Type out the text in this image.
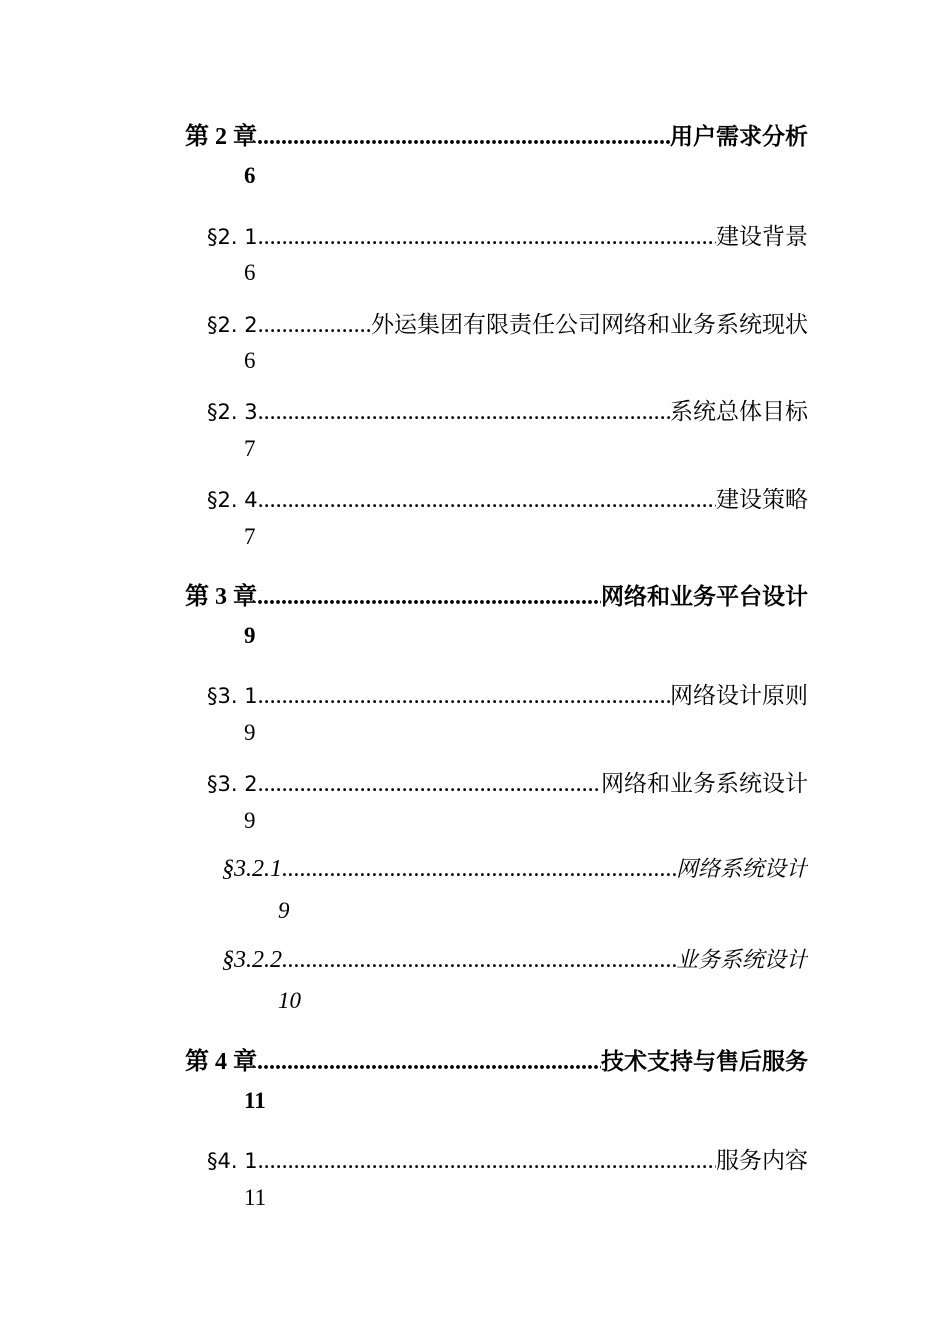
第 2 章 .....	用户需求分析
6
§2. 1 .....	建设背景
6
§2. 2 .....	外运集团有限责任公司网络和业务系统现状
6
§2. 3 .....	系统总体目标
7
§2. 4 .....	建设策略
7
第 3 章 .....	网络和业务平台设计
9
§3. 1 .....	网络设计原则
9
§3. 2 .....	网络和业务系统设计
9
§3.2.1 .....	网络系统设计
9
§3.2.2 .....	业务系统设计
10
第 4 章 .....	技术支持与售后服务
11
§4. 1 .....	服务内容
11
